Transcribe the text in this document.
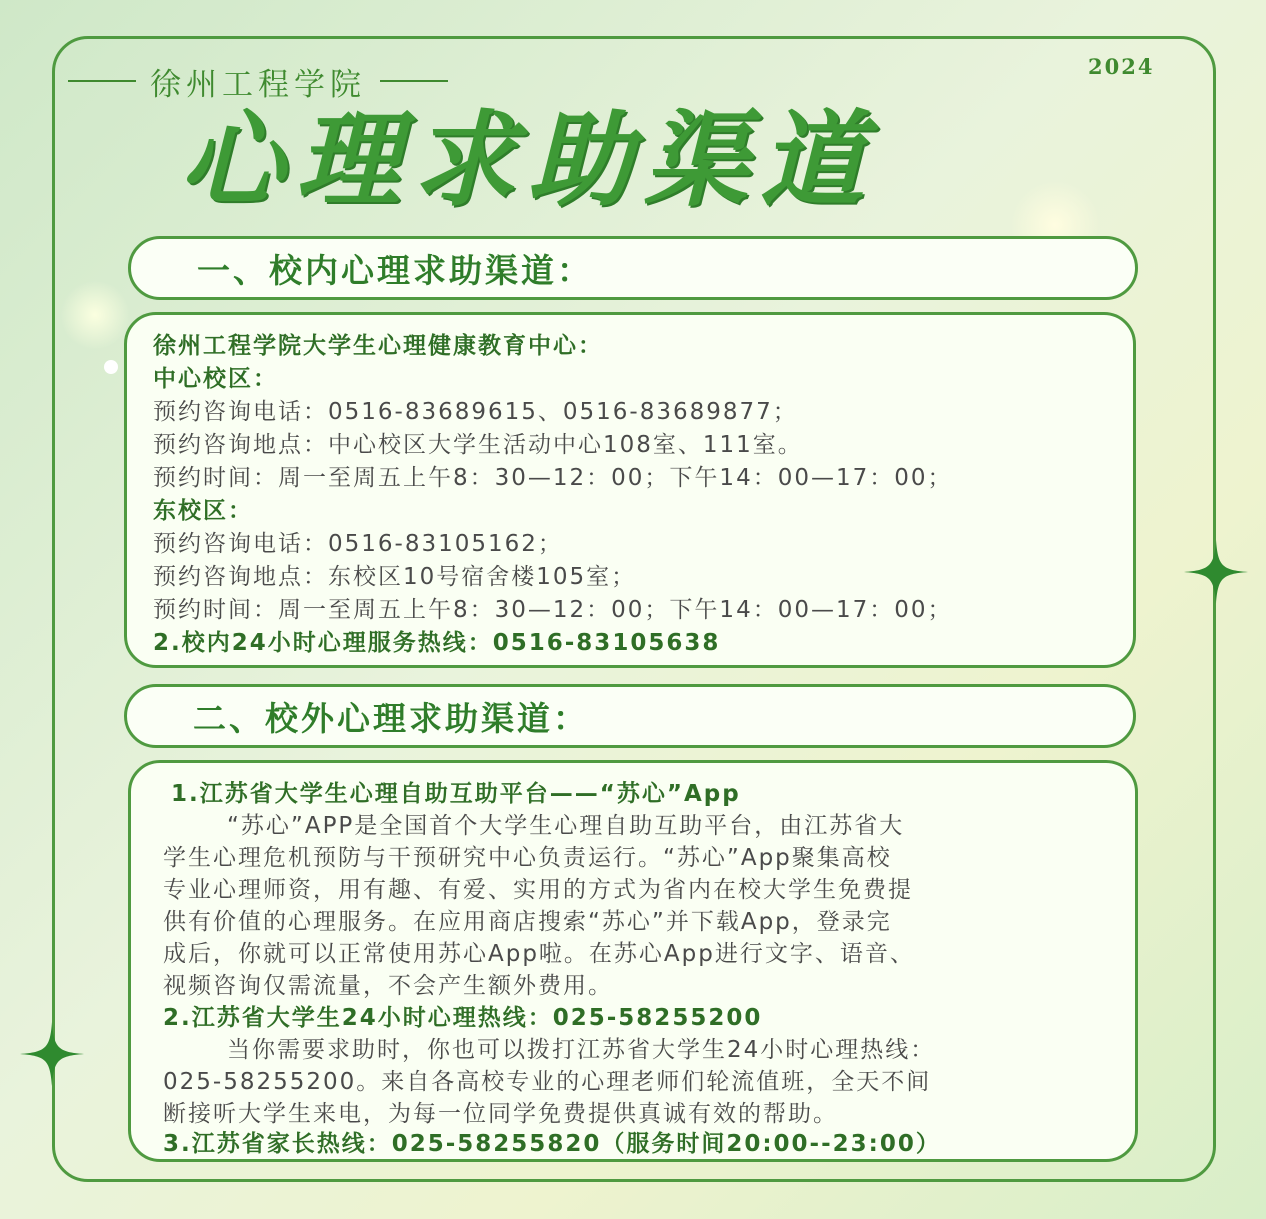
徐州工程学院	2024
心理求助渠道
一、校内心理求助渠道：
徐州工程学院大学生心理健康教育中心：
中心校区：
预约咨询电话：0516-83689615、0516-83689877；
预约咨询地点：中心校区大学生活动中心108室、111室。
预约时间：周一至周五上午8：30—12：00；下午14：00—17：00；
东校区：
预约咨询电话：0516-83105162；
预约咨询地点：东校区10号宿舍楼105室；
预约时间：周一至周五上午8：30—12：00；下午14：00—17：00；
2.校内24小时心理服务热线：0516-83105638
二、校外心理求助渠道：
1.江苏省大学生心理自助互助平台——“苏心”App
“苏心”APP是全国首个大学生心理自助互助平台，由江苏省大
学生心理危机预防与干预研究中心负责运行。“苏心”App聚集高校
专业心理师资，用有趣、有爱、实用的方式为省内在校大学生免费提
供有价值的心理服务。在应用商店搜索“苏心”并下载App，登录完
成后，你就可以正常使用苏心App啦。在苏心App进行文字、语音、
视频咨询仅需流量，不会产生额外费用。
2.江苏省大学生24小时心理热线：025-58255200
当你需要求助时，你也可以拨打江苏省大学生24小时心理热线：
025-58255200。来自各高校专业的心理老师们轮流值班，全天不间
断接听大学生来电，为每一位同学免费提供真诚有效的帮助。
3.江苏省家长热线：025-58255820（服务时间20:00--23:00）
